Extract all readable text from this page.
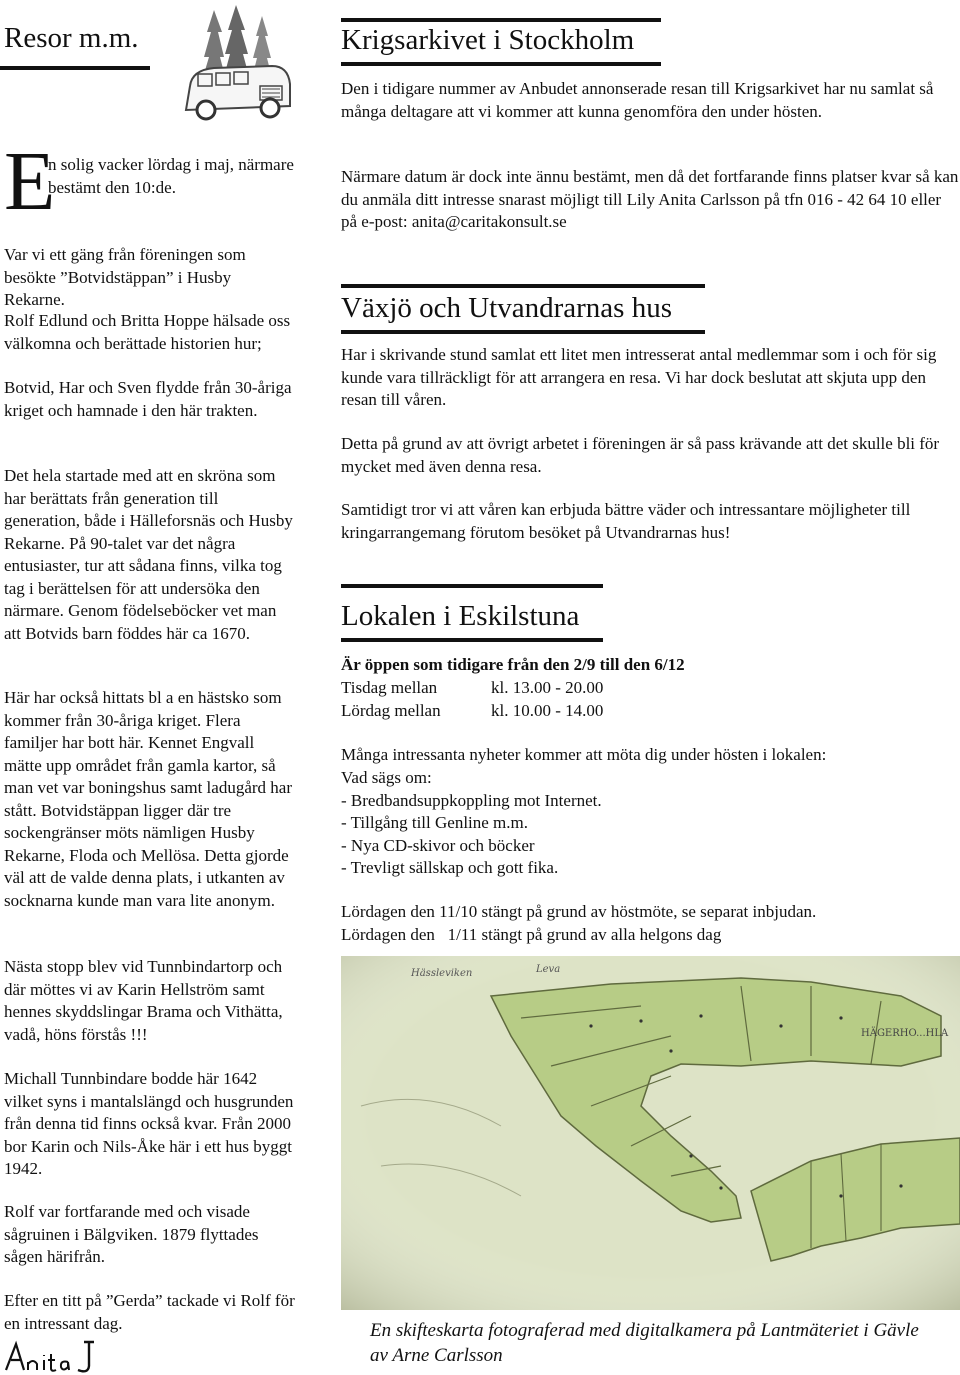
Resor m.m.

E

n solig vacker lördag i maj, närmare bestämt den 10:de.

Var vi ett gäng från föreningen som besökte ”Botvidstäppan” i Husby Rekarne.

Rolf Edlund och Britta Hoppe hälsade oss välkomna och berättade historien hur;

Botvid, Har och Sven flydde från 30-åriga kriget och hamnade i den här trakten.

Det hela startade med att en skröna som har berättats från generation till generation, både i Hälleforsnäs och Husby Rekarne. På 90-talet var det några entusiaster, tur att sådana finns, vilka tog tag i berättelsen för att undersöka den närmare. Genom födelseböcker vet man att Botvids barn föddes här ca 1670.

Här har också hittats bl a en hästsko som kommer från 30-åriga kriget. Flera familjer har bott här. Kennet Engvall mätte upp området från gamla kartor, så man vet var boningshus samt ladugård har stått. Botvidstäppan ligger där tre sockengränser möts nämligen Husby Rekarne, Floda och Mellösa. Detta gjorde väl att de valde denna plats, i utkanten av socknarna kunde man vara lite anonym.

Nästa stopp blev vid Tunnbindartorp och där möttes vi av Karin Hellström samt hennes skyddslingar Brama och Vithätta, vadå, höns förstås !!!

Michall Tunnbindare bodde här 1642 vilket syns i mantalslängd och husgrunden från denna tid finns också kvar. Från 2000 bor Karin och Nils-Åke här i ett hus byggt 1942.

Rolf var fortfarande med och visade sågruinen i Bälgviken. 1879 flyttades sågen härifrån.

Efter en titt på ”Gerda” tackade vi Rolf för en intressant dag.

Krigsarkivet i Stockholm

Den i tidigare nummer av Anbudet annonserade resan till Krigsarkivet har nu samlat så många deltagare att vi kommer att kunna genomföra den under hösten.

Närmare datum är dock inte ännu bestämt, men då det fortfarande finns platser kvar så kan du anmäla ditt intresse snarast möjligt till Lily Anita Carlsson på tfn 016 - 42 64 10 eller på e-post: anita@caritakonsult.se

Växjö och Utvandrarnas hus

Har i skrivande stund samlat ett litet men intresserat antal medlemmar som i och för sig kunde vara tillräckligt för att arrangera en resa. Vi har dock beslutat att skjuta upp den resan till våren.

Detta på grund av att övrigt arbetet i föreningen är så pass krävande att det skulle bli för mycket med även denna resa.

Samtidigt tror vi att våren kan erbjuda bättre väder och intressantare möjligheter till kringarrangemang förutom besöket på Utvandrarnas hus!

Lokalen i Eskilstuna

Är öppen som tidigare från den 2/9 till den 6/12

Tisdag mellan	kl. 13.00 - 20.00
Lördag mellan	kl. 10.00 - 14.00

Många intressanta nyheter kommer att möta dig under hösten i lokalen:

Vad sägs om:

- Bredbandsuppkoppling mot Internet.

- Tillgång till Genline m.m.

- Nya CD-skivor och böcker

- Trevligt sällskap och gott fika.

Lördagen den 11/10 stängt på grund av höstmöte, se separat inbjudan.

Lördagen den   1/11 stängt på grund av alla helgons dag

Hässleviken	Leva
HÄGERHO...HLA

En skifteskarta fotograferad med digitalkamera på Lantmäteriet i Gävle av Arne Carlsson
